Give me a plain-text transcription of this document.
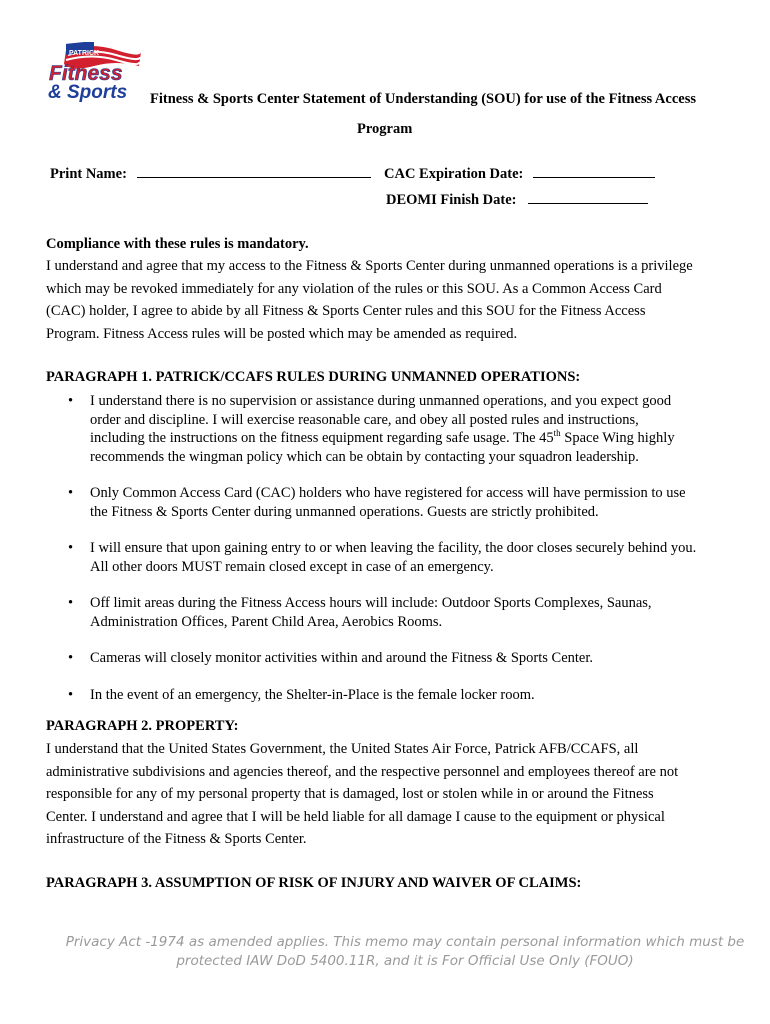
PATRICK
Fitness
& Sports Fitness & Sports Center Statement of Understanding (SOU) for use of the Fitness Access
Program
Print Name:	CAC Expiration Date:
DEOMI Finish Date:
Compliance with these rules is mandatory.
I understand and agree that my access to the Fitness & Sports Center during unmanned operations is a privilege
which may be revoked immediately for any violation of the rules or this SOU. As a Common Access Card
(CAC) holder, I agree to abide by all Fitness & Sports Center rules and this SOU for the Fitness Access
Program. Fitness Access rules will be posted which may be amended as required.
PARAGRAPH 1. PATRICK/CCAFS RULES DURING UNMANNED OPERATIONS:
• I understand there is no supervision or assistance during unmanned operations, and you expect good
order and discipline. I will exercise reasonable care, and obey all posted rules and instructions,
including the instructions on the fitness equipment regarding safe usage. The 45th Space Wing highly
recommends the wingman policy which can be obtain by contacting your squadron leadership.
• Only Common Access Card (CAC) holders who have registered for access will have permission to use
the Fitness & Sports Center during unmanned operations. Guests are strictly prohibited.
• I will ensure that upon gaining entry to or when leaving the facility, the door closes securely behind you.
All other doors MUST remain closed except in case of an emergency.
• Off limit areas during the Fitness Access hours will include: Outdoor Sports Complexes, Saunas,
Administration Offices, Parent Child Area, Aerobics Rooms.
• Cameras will closely monitor activities within and around the Fitness & Sports Center.
• In the event of an emergency, the Shelter-in-Place is the female locker room.
PARAGRAPH 2. PROPERTY:
I understand that the United States Government, the United States Air Force, Patrick AFB/CCAFS, all
administrative subdivisions and agencies thereof, and the respective personnel and employees thereof are not
responsible for any of my personal property that is damaged, lost or stolen while in or around the Fitness
Center. I understand and agree that I will be held liable for all damage I cause to the equipment or physical
infrastructure of the Fitness & Sports Center.
PARAGRAPH 3. ASSUMPTION OF RISK OF INJURY AND WAIVER OF CLAIMS:
Privacy Act -1974 as amended applies. This memo may contain personal information which must be
protected IAW DoD 5400.11R, and it is For Official Use Only (FOUO)
